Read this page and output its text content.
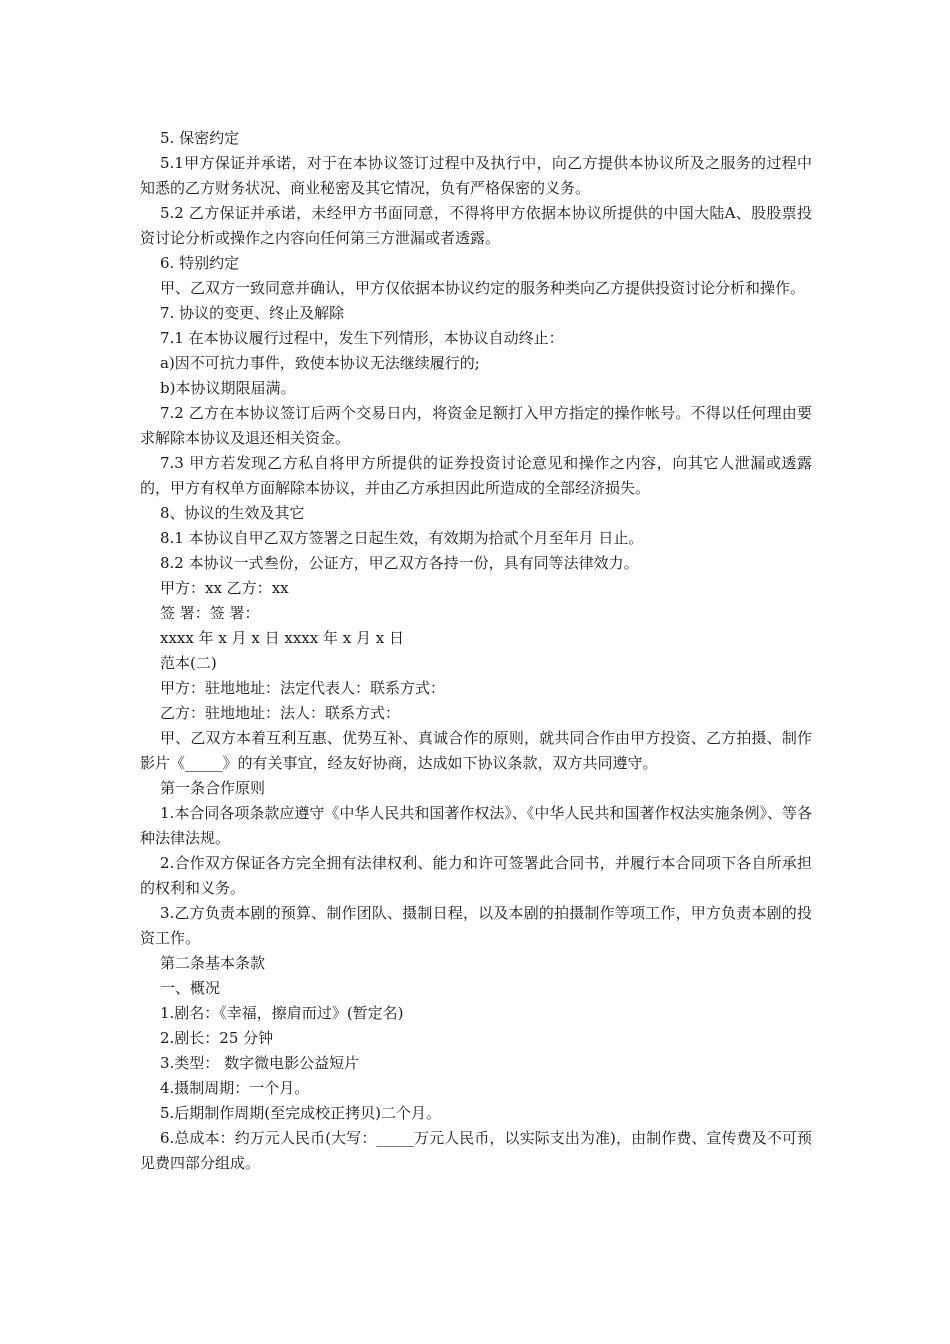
5. 保密约定

5.1甲方保证并承诺，对于在本协议签订过程中及执行中，向乙方提供本协议所及之服务的过程中知悉的乙方财务状况、商业秘密及其它情况，负有严格保密的义务。

5.2 乙方保证并承诺，未经甲方书面同意，不得将甲方依据本协议所提供的中国大陆A、股股票投资讨论分析或操作之内容向任何第三方泄漏或者透露。

6. 特别约定

甲、乙双方一致同意并确认，甲方仅依据本协议约定的服务种类向乙方提供投资讨论分析和操作。

7. 协议的变更、终止及解除

7.1 在本协议履行过程中，发生下列情形，本协议自动终止：

a)因不可抗力事件，致使本协议无法继续履行的;

b)本协议期限届满。

7.2 乙方在本协议签订后两个交易日内，将资金足额打入甲方指定的操作帐号。不得以任何理由要求解除本协议及退还相关资金。

7.3 甲方若发现乙方私自将甲方所提供的证券投资讨论意见和操作之内容，向其它人泄漏或透露的，甲方有权单方面解除本协议，并由乙方承担因此所造成的全部经济损失。

8、协议的生效及其它

8.1 本协议自甲乙双方签署之日起生效，有效期为拾贰个月至年月 日止。

8.2 本协议一式叁份，公证方，甲乙双方各持一份，具有同等法律效力。

甲方：xx 乙方：xx

签 署：签 署：

xxxx 年 x 月 x 日 xxxx 年 x 月 x 日

范本(二)

甲方：驻地地址：法定代表人：联系方式：

乙方：驻地地址：法人：联系方式：

甲、乙双方本着互利互惠、优势互补、真诚合作的原则，就共同合作由甲方投资、乙方拍摄、制作影片《_____》的有关事宜，经友好协商，达成如下协议条款，双方共同遵守。

第一条合作原则

1.本合同各项条款应遵守《中华人民共和国著作权法》、《中华人民共和国著作权法实施条例》、等各种法律法规。

2.合作双方保证各方完全拥有法律权利、能力和许可签署此合同书，并履行本合同项下各自所承担的权利和义务。

3.乙方负责本剧的预算、制作团队、摄制日程，以及本剧的拍摄制作等项工作，甲方负责本剧的投资工作。

第二条基本条款

一、概况

1.剧名：《幸福，擦肩而过》(暂定名)

2.剧长：25 分钟

3.类型： 数字微电影公益短片

4.摄制周期：一个月。

5.后期制作周期(至完成校正拷贝)二个月。

6.总成本：约万元人民币(大写：_____万元人民币，以实际支出为准)，由制作费、宣传费及不可预见费四部分组成。
